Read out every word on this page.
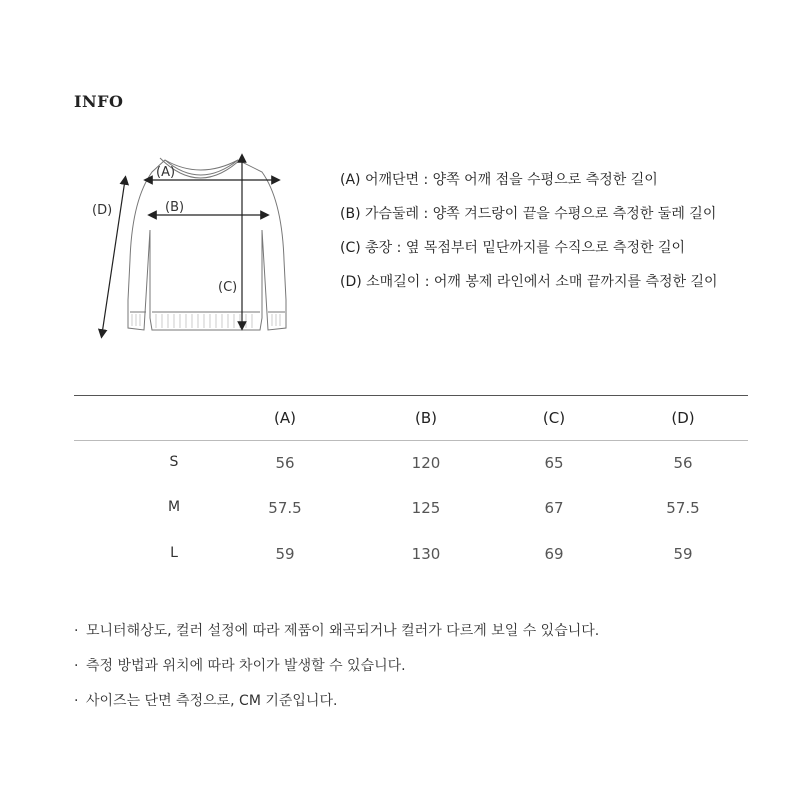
INFO
(A)
(B)
(C)
(D)
(A) 어깨단면 : 양쪽 어깨 점을 수평으로 측정한 길이
(B) 가슴둘레 : 양쪽 겨드랑이 끝을 수평으로 측정한 둘레 길이
(C) 총장 : 옆 목점부터 밑단까지를 수직으로 측정한 길이
(D) 소매길이 : 어깨 봉제 라인에서 소매 끝까지를 측정한 길이
(A)	(B)	(C)	(D)
S	56	120	65	56
M	57.5	125	67	57.5
L	59	130	69	59
· 모니터해상도, 컬러 설정에 따라 제품이 왜곡되거나 컬러가 다르게 보일 수 있습니다.
· 측정 방법과 위치에 따라 차이가 발생할 수 있습니다.
· 사이즈는 단면 측정으로, CM 기준입니다.
